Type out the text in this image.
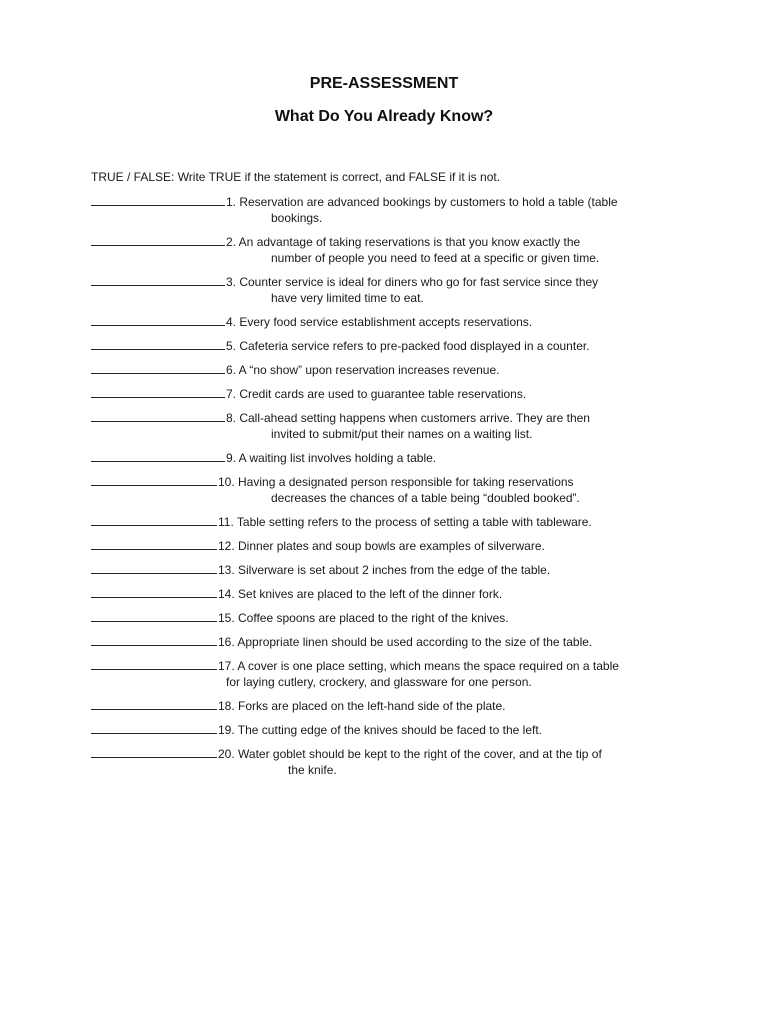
PRE-ASSESSMENT
What Do You Already Know?
TRUE / FALSE: Write TRUE if the statement is correct, and FALSE if it is not.
1. Reservation are advanced bookings by customers to hold a table (table
bookings.
2. An advantage of taking reservations is that you know exactly the
number of people you need to feed at a specific or given time.
3. Counter service is ideal for diners who go for fast service since they
have very limited time to eat.
4. Every food service establishment accepts reservations.
5. Cafeteria service refers to pre-packed food displayed in a counter.
6. A “no show” upon reservation increases revenue.
7. Credit cards are used to guarantee table reservations.
8. Call-ahead setting happens when customers arrive. They are then
invited to submit/put their names on a waiting list.
9. A waiting list involves holding a table.
10. Having a designated person responsible for taking reservations
decreases the chances of a table being “doubled booked”.
11. Table setting refers to the process of setting a table with tableware.
12. Dinner plates and soup bowls are examples of silverware.
13. Silverware is set about 2 inches from the edge of the table.
14. Set knives are placed to the left of the dinner fork.
15. Coffee spoons are placed to the right of the knives.
16. Appropriate linen should be used according to the size of the table.
17. A cover is one place setting, which means the space required on a table
for laying cutlery, crockery, and glassware for one person.
18. Forks are placed on the left-hand side of the plate.
19. The cutting edge of the knives should be faced to the left.
20. Water goblet should be kept to the right of the cover, and at the tip of
the knife.
